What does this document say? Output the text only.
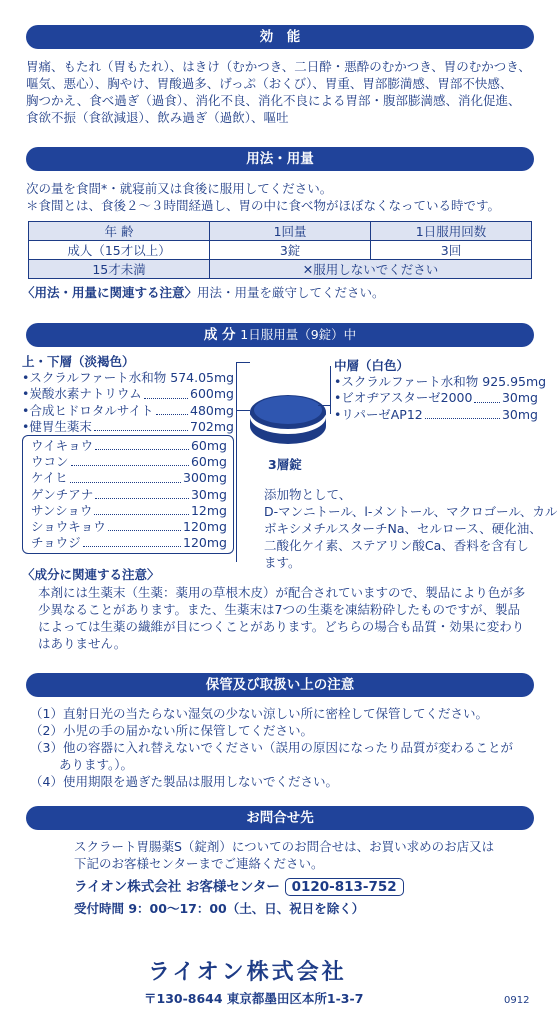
効　能
胃痛、もたれ（胃もたれ）、はきけ（むかつき、二日酔・悪酔のむかつき、胃のむかつき、
嘔気、悪心）、胸やけ、胃酸過多、げっぷ（おくび）、胃重、胃部膨満感、胃部不快感、
胸つかえ、食べ過ぎ（過食）、消化不良、消化不良による胃部・腹部膨満感、消化促進、
食欲不振（食欲減退）、飲み過ぎ（過飲）、嘔吐
用法・用量
次の量を食間*・就寝前又は食後に服用してください。
＊食間とは、食後２〜３時間経過し、胃の中に食べ物がほぼなくなっている時です。
年 齢	1回量	1日服用回数
成人（15才以上）	3錠	3回
15才未満	✕服用しないでください	
〈用法・用量に関連する注意〉用法・用量を厳守してください。
成 分 1日服用量（9錠）中
上・下層（淡褐色）
•スクラルファート水和物 574.05mg
•炭酸水素ナトリウム	600mg
•合成ヒドロタルサイト	480mg
•健胃生薬末	702mg
ウイキョウ	60mg
ウコン	60mg
ケイヒ	300mg
ゲンチアナ	30mg
サンショウ	12mg
ショウキョウ	120mg
チョウジ	120mg
3層錠
中層（白色）
•スクラルファート水和物 925.95mg
•ビオヂアスターゼ2000 30mg
•リパーゼAP12	30mg
添加物として、
D-マンニトール、l-メントール、マクロゴール、カル
ボキシメチルスターチNa、セルロース、硬化油、
二酸化ケイ素、ステアリン酸Ca、香料を含有し
ます。
〈成分に関連する注意〉
本剤には生薬末（生薬：薬用の草根木皮）が配合されていますので、製品により色が多
少異なることがあります。また、生薬末は7つの生薬を凍結粉砕したものですが、製品
によっては生薬の繊維が目につくことがあります。どちらの場合も品質・効果に変わり
はありません。
保管及び取扱い上の注意
（1）直射日光の当たらない湿気の少ない涼しい所に密栓して保管してください。
（2）小児の手の届かない所に保管してください。
（3）他の容器に入れ替えないでください（誤用の原因になったり品質が変わることが
　　 あります。）。
（4）使用期限を過ぎた製品は服用しないでください。
お問合せ先
スクラート胃腸薬S（錠剤）についてのお問合せは、お買い求めのお店又は
下記のお客様センターまでご連絡ください。
ライオン株式会社 お客様センター 0120-813-752
受付時間 9：00〜17：00（土、日、祝日を除く）
ライオン株式会社
〒130-8644 東京都墨田区本所1-3-7	0912
